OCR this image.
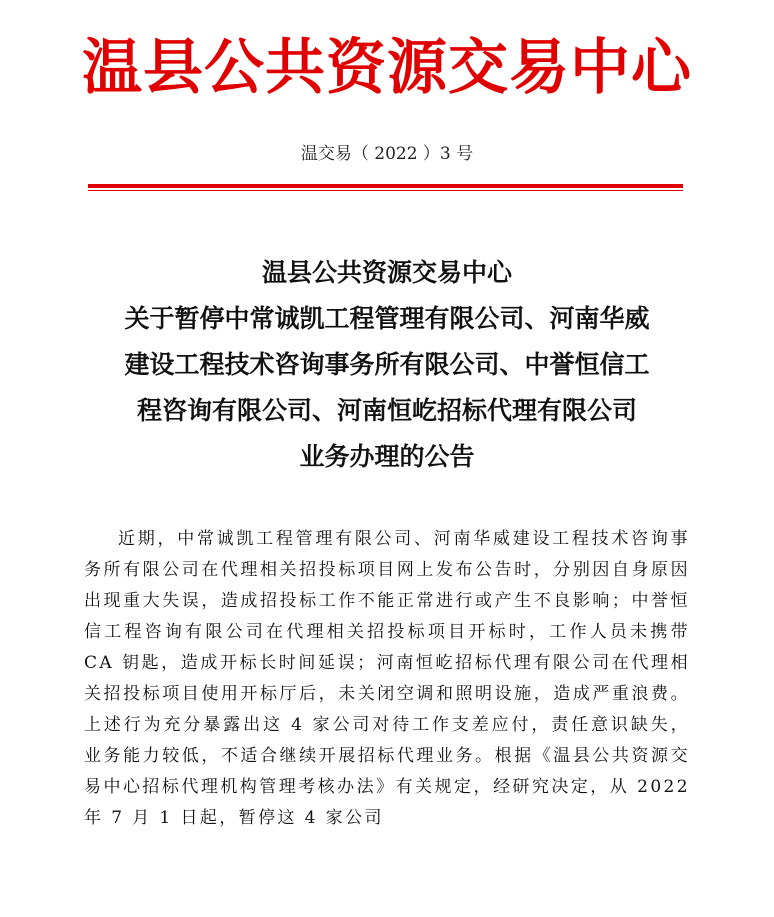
温县公共资源交易中心
温交易（ 2022 ）3 号
温县公共资源交易中心
关于暂停中常诚凯工程管理有限公司、河南华威
建设工程技术咨询事务所有限公司、中誉恒信工
程咨询有限公司、河南恒屹招标代理有限公司
业务办理的公告

近期，中常诚凯工程管理有限公司、河南华威建设工程技术咨询事务所有限公司在代理相关招投标项目网上发布公告时，分别因自身原因出现重大失误，造成招投标工作不能正常进行或产生不良影响；中誉恒信工程咨询有限公司在代理相关招投标项目开标时，工作人员未携带 CA 钥匙，造成开标长时间延误；河南恒屹招标代理有限公司在代理相关招投标项目使用开标厅后，未关闭空调和照明设施，造成严重浪费。上述行为充分暴露出这 4 家公司对待工作支差应付，责任意识缺失，业务能力较低，不适合继续开展招标代理业务。根据《温县公共资源交易中心招标代理机构管理考核办法》有关规定，经研究决定，从 2022 年 7 月 1 日起，暂停这 4 家公司
